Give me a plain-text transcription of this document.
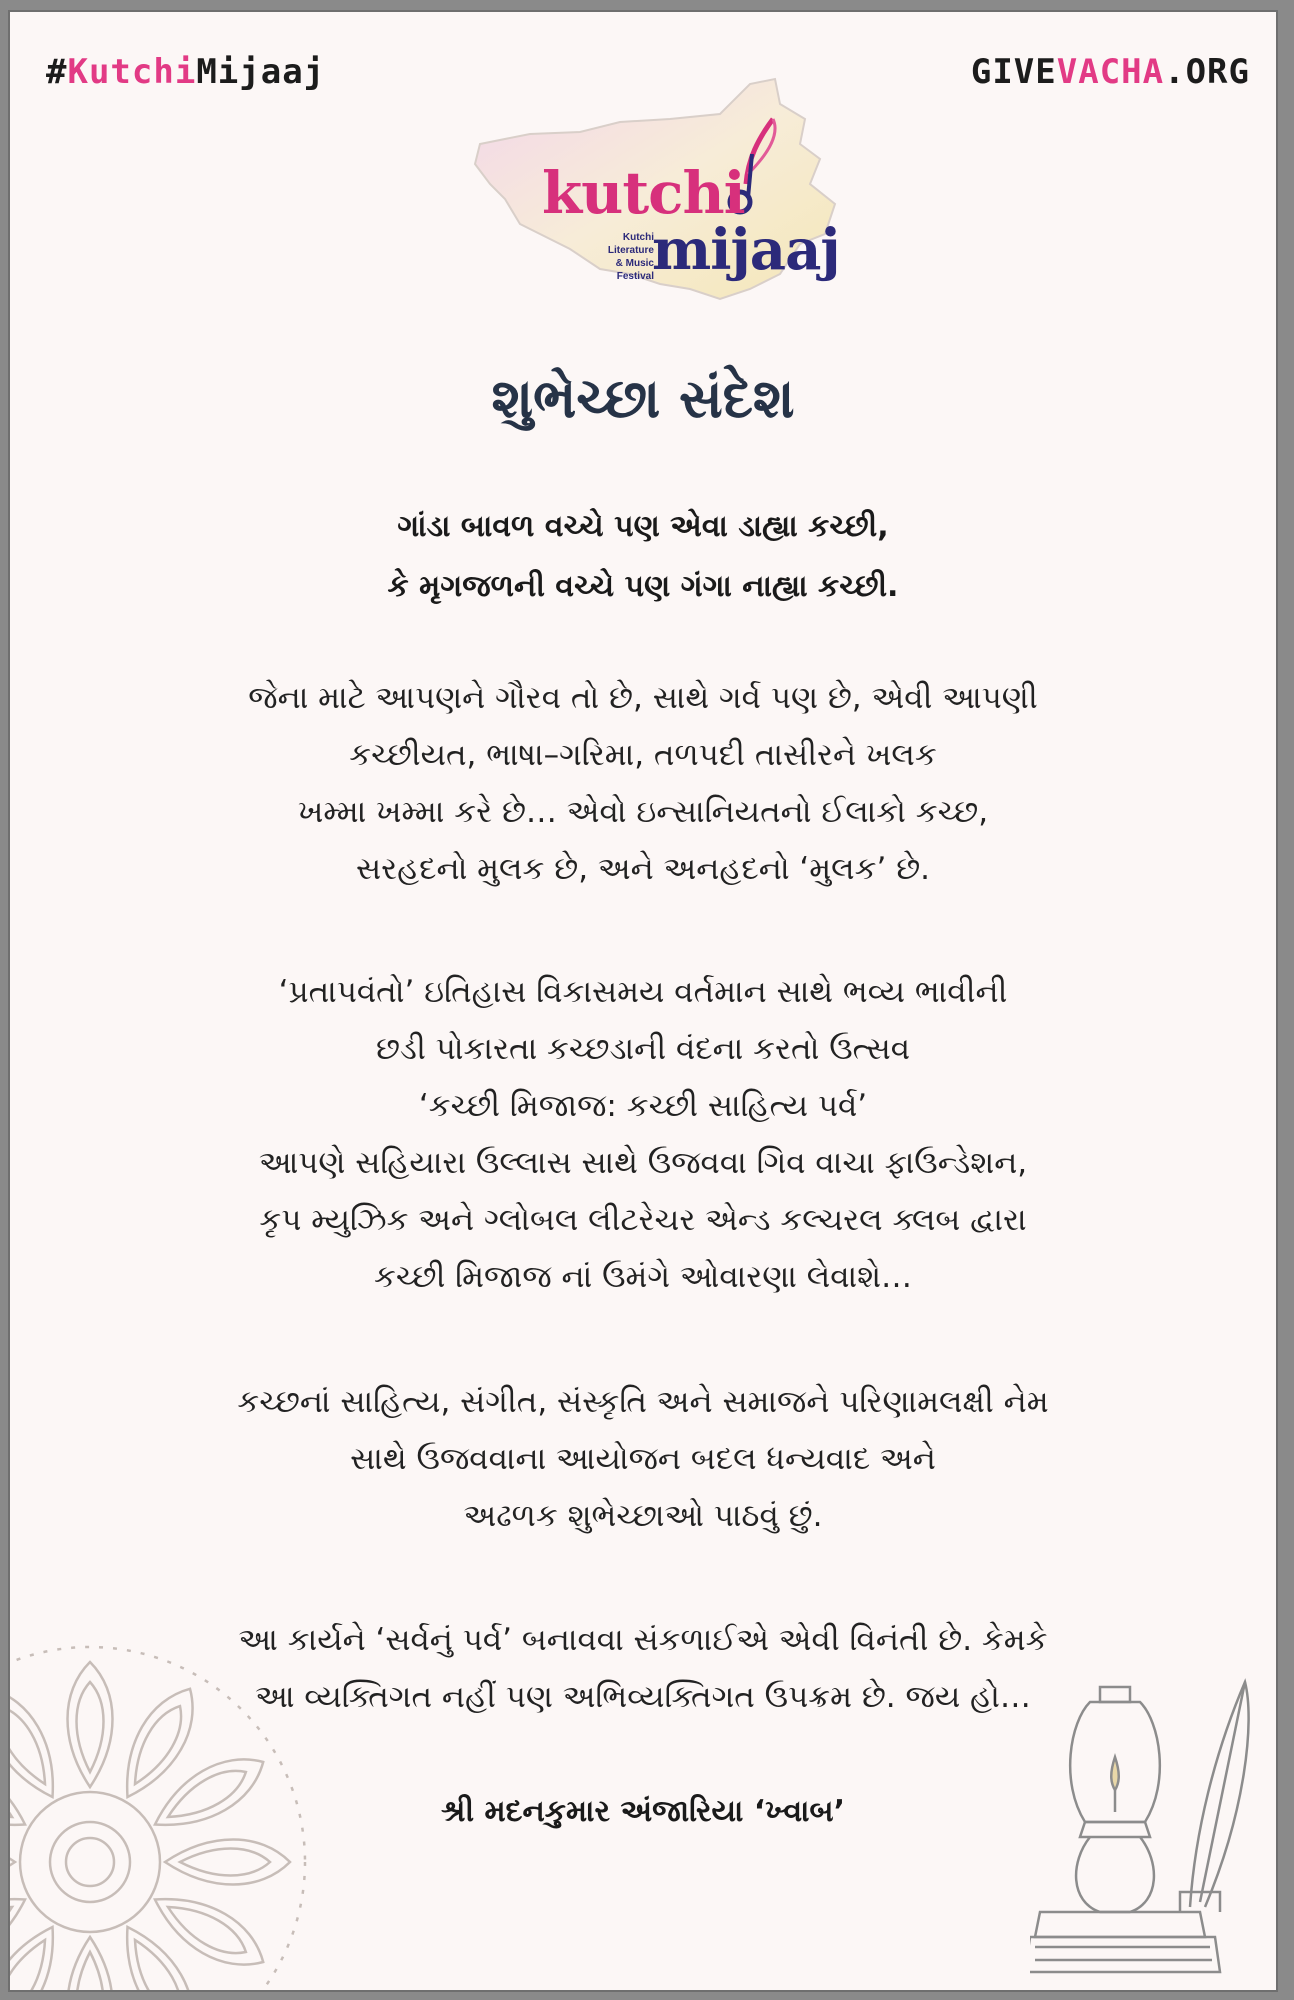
#KutchiMijaaj	GIVEVACHA.ORG
kutchi
Kutchi
Literature
& Music
Festival
mijaaj
શુભેચ્છા સંદેશ
ગાંડા બાવળ વચ્ચે પણ એવા ડાહ્યા કચ્છી,
કે મૃગજળની વચ્ચે પણ ગંગા નાહ્યા કચ્છી.
જેના માટે આપણને ગૌરવ તો છે, સાથે ગર્વ પણ છે, એવી આપણી
કચ્છીયત, ભાષા–ગરિમા, તળપદી તાસીરને ખલક
ખમ્મા ખમ્મા કરે છે… એવો ઇન્સાનિયતનો ઈલાકો કચ્છ,
સરહદનો મુલક છે, અને અનહદનો ‘મુલક’ છે.
‘પ્રતાપવંતો’ ઇતિહાસ વિકાસમય વર્તમાન સાથે ભવ્ય ભાવીની
છડી પોકારતા કચ્છડાની વંદના કરતો ઉત્સવ
‘કચ્છી મિજાજ: કચ્છી સાહિત્ય પર્વ’
આપણે સહિયારા ઉલ્લાસ સાથે ઉજવવા ગિવ વાચા ફાઉન્ડેશન,
કૃપ મ્યુઝિક અને ગ્લોબલ લીટરેચર એન્ડ કલ્ચરલ ક્લબ દ્વારા
કચ્છી મિજાજ નાં ઉમંગે ઓવારણા લેવાશે…
કચ્છનાં સાહિત્ય, સંગીત, સંસ્કૃતિ અને સમાજને પરિણામલક્ષી નેમ
સાથે ઉજવવાના આયોજન બદલ ધન્યવાદ અને
અઢળક શુભેચ્છાઓ પાઠવું છું.
આ કાર્યને ‘સર્વનું પર્વ’ બનાવવા સંકળાઈએ એવી વિનંતી છે. કેમકે
આ વ્યક્તિગત નહીં પણ અભિવ્યક્તિગત ઉપક્રમ છે. જય હો…
શ્રી મદનકુમાર અંજારિયા ‘ખ્વાબ’
